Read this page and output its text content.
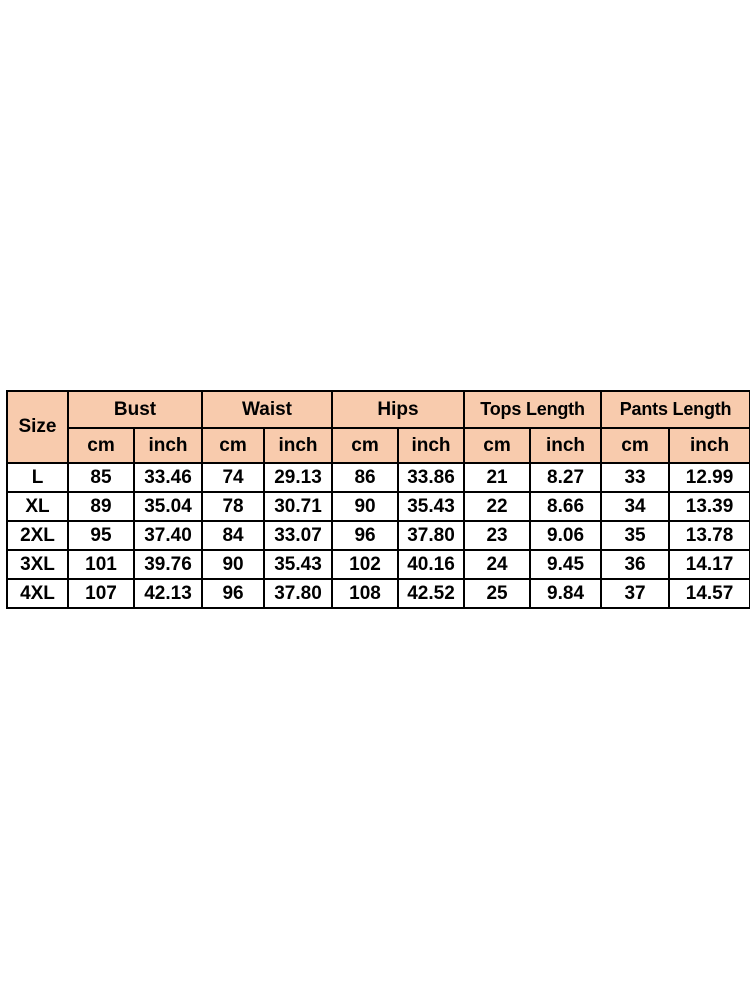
Size	Bust		Waist		Hips		Tops Length		Pants Length	
	cm	inch	cm	inch	cm	inch	cm	inch	cm	inch
L	85	33.46	74	29.13	86	33.86	21	8.27	33	12.99
XL	89	35.04	78	30.71	90	35.43	22	8.66	34	13.39
2XL	95	37.40	84	33.07	96	37.80	23	9.06	35	13.78
3XL	101	39.76	90	35.43	102	40.16	24	9.45	36	14.17
4XL	107	42.13	96	37.80	108	42.52	25	9.84	37	14.57
